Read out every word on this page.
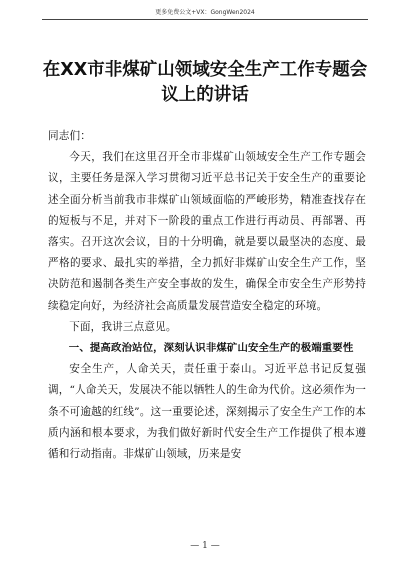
更多免费公文+VX：GongWen2024
在XX市非煤矿山领域安全生产工作专题会议上的讲话

同志们：

今天，我们在这里召开全市非煤矿山领域安全生产工作专题会议，主要任务是深入学习贯彻习近平总书记关于安全生产的重要论述全面分析当前我市非煤矿山领域面临的严峻形势，精准查找存在的短板与不足，并对下一阶段的重点工作进行再动员、再部署、再落实。召开这次会议，目的十分明确，就是要以最坚决的态度、最严格的要求、最扎实的举措，全力抓好非煤矿山安全生产工作，坚决防范和遏制各类生产安全事故的发生，确保全市安全生产形势持续稳定向好，为经济社会高质量发展营造安全稳定的环境。

下面，我讲三点意见。

一、提高政治站位，深刻认识非煤矿山安全生产的极端重要性

安全生产，人命关天，责任重于泰山。习近平总书记反复强调，“人命关天，发展决不能以牺牲人的生命为代价。这必须作为一条不可逾越的红线”。这一重要论述，深刻揭示了安全生产工作的本质内涵和根本要求，为我们做好新时代安全生产工作提供了根本遵循和行动指南。非煤矿山领域，历来是安

— 1 —
